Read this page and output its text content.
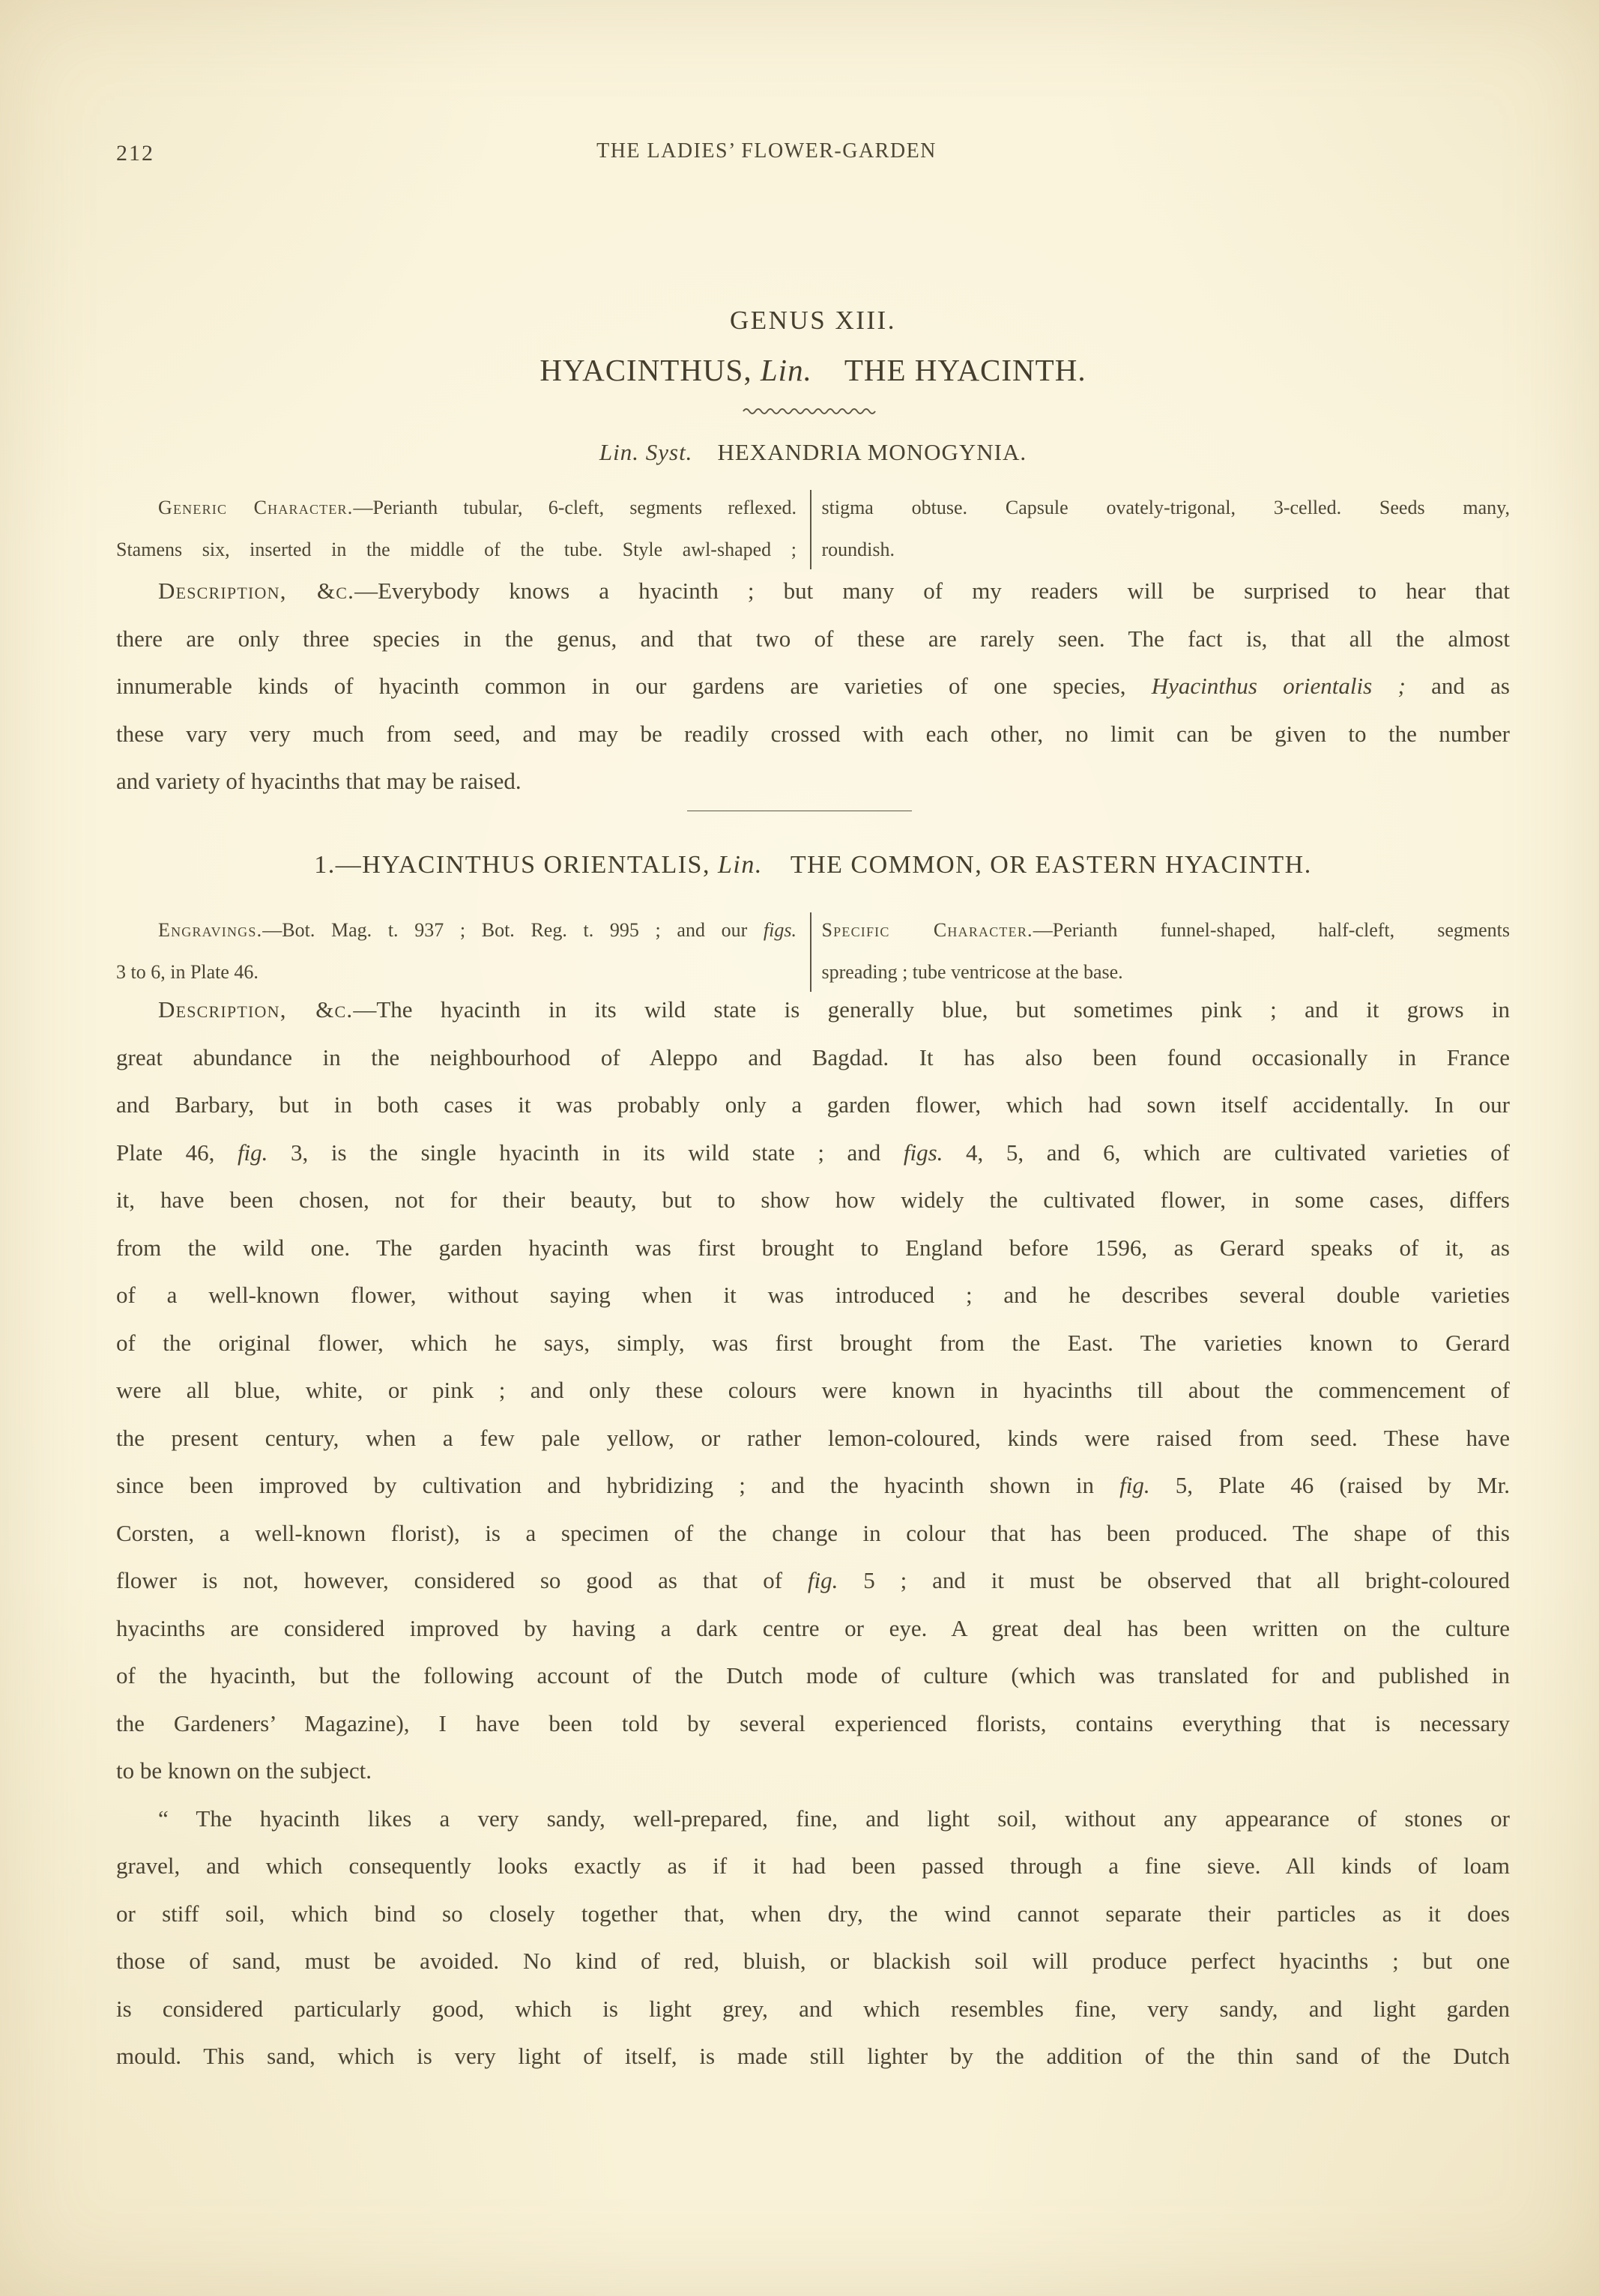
212	THE LADIES’ FLOWER-GARDEN
GENUS XIII.
HYACINTHUS, Lin.  THE HYACINTH.
Lin. Syst.  HEXANDRIA MONOGYNIA.

Generic Character.—Perianth tubular, 6-cleft, segments reflexed.
Stamens six, inserted in the middle of the tube. Style awl-shaped ;

stigma obtuse. Capsule ovately-trigonal, 3-celled. Seeds many,
roundish.

Description, &c.—Everybody knows a hyacinth ; but many of my readers will be surprised to hear that
there are only three species in the genus, and that two of these are rarely seen. The fact is, that all the almost
innumerable kinds of hyacinth common in our gardens are varieties of one species, Hyacinthus orientalis ; and as
these vary very much from seed, and may be readily crossed with each other, no limit can be given to the number
and variety of hyacinths that may be raised.

1.—HYACINTHUS ORIENTALIS, Lin.  THE COMMON, OR EASTERN HYACINTH.

Engravings.—Bot. Mag. t. 937 ; Bot. Reg. t. 995 ; and our figs.
3 to 6, in Plate 46.

Specific Character.—Perianth funnel-shaped, half-cleft, segments
spreading ; tube ventricose at the base.

Description, &c.—The hyacinth in its wild state is generally blue, but sometimes pink ; and it grows in
great abundance in the neighbourhood of Aleppo and Bagdad. It has also been found occasionally in France
and Barbary, but in both cases it was probably only a garden flower, which had sown itself accidentally. In our
Plate 46, fig. 3, is the single hyacinth in its wild state ; and figs. 4, 5, and 6, which are cultivated varieties of
it, have been chosen, not for their beauty, but to show how widely the cultivated flower, in some cases, differs
from the wild one. The garden hyacinth was first brought to England before 1596, as Gerard speaks of it, as
of a well-known flower, without saying when it was introduced ; and he describes several double varieties
of the original flower, which he says, simply, was first brought from the East. The varieties known to Gerard
were all blue, white, or pink ; and only these colours were known in hyacinths till about the commencement of
the present century, when a few pale yellow, or rather lemon-coloured, kinds were raised from seed. These have
since been improved by cultivation and hybridizing ; and the hyacinth shown in fig. 5, Plate 46 (raised by Mr.
Corsten, a well-known florist), is a specimen of the change in colour that has been produced. The shape of this
flower is not, however, considered so good as that of fig. 5 ; and it must be observed that all bright-coloured
hyacinths are considered improved by having a dark centre or eye. A great deal has been written on the culture
of the hyacinth, but the following account of the Dutch mode of culture (which was translated for and published in
the Gardeners’ Magazine), I have been told by several experienced florists, contains everything that is necessary
to be known on the subject.

“ The hyacinth likes a very sandy, well-prepared, fine, and light soil, without any appearance of stones or
gravel, and which consequently looks exactly as if it had been passed through a fine sieve. All kinds of loam
or stiff soil, which bind so closely together that, when dry, the wind cannot separate their particles as it does
those of sand, must be avoided. No kind of red, bluish, or blackish soil will produce perfect hyacinths ; but one
is considered particularly good, which is light grey, and which resembles fine, very sandy, and light garden
mould. This sand, which is very light of itself, is made still lighter by the addition of the thin sand of the Dutch
